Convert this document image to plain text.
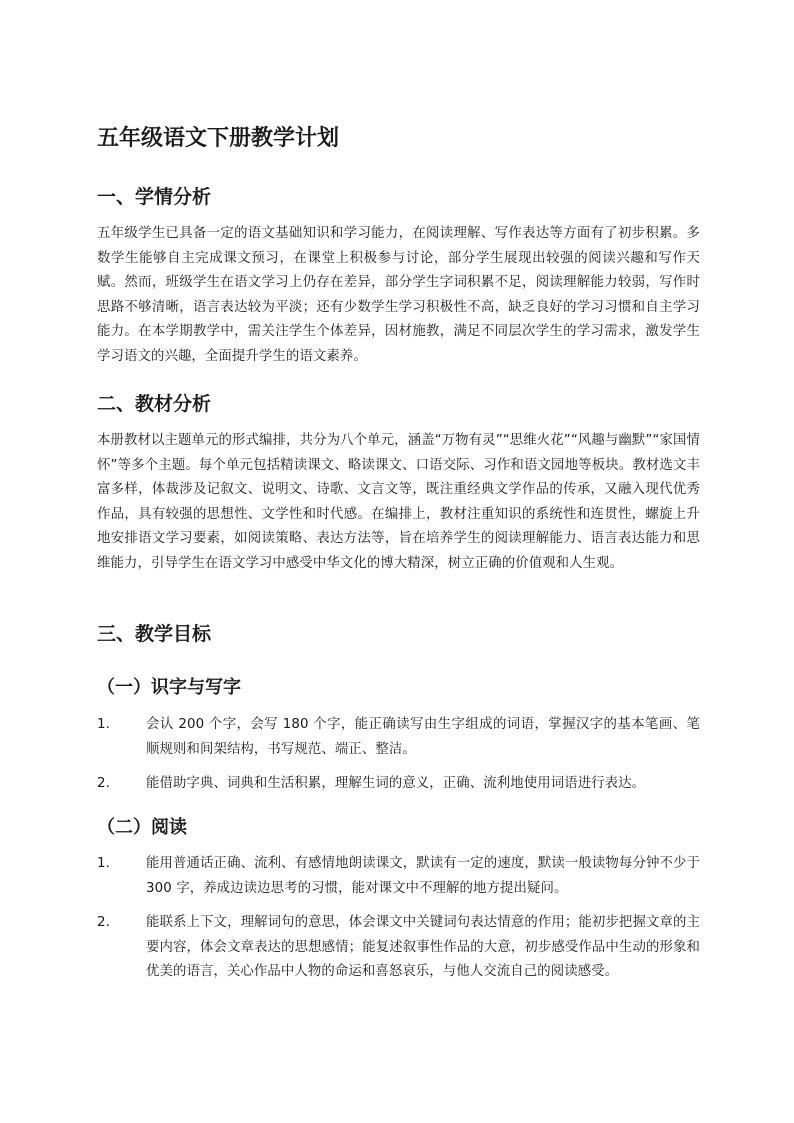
五年级语文下册教学计划
一、学情分析

五年级学生已具备一定的语文基础知识和学习能力，在阅读理解、写作表达等方面有了初步积累。多数学生能够自主完成课文预习，在课堂上积极参与讨论，部分学生展现出较强的阅读兴趣和写作天赋。然而，班级学生在语文学习上仍存在差异，部分学生字词积累不足，阅读理解能力较弱，写作时思路不够清晰，语言表达较为平淡；还有少数学生学习积极性不高，缺乏良好的学习习惯和自主学习能力。在本学期教学中，需关注学生个体差异，因材施教，满足不同层次学生的学习需求，激发学生学习语文的兴趣，全面提升学生的语文素养。

二、教材分析

本册教材以主题单元的形式编排，共分为八个单元，涵盖“万物有灵”“思维火花”“风趣与幽默”“家国情怀”等多个主题。每个单元包括精读课文、略读课文、口语交际、习作和语文园地等板块。教材选文丰富多样，体裁涉及记叙文、说明文、诗歌、文言文等，既注重经典文学作品的传承，又融入现代优秀作品，具有较强的思想性、文学性和时代感。在编排上，教材注重知识的系统性和连贯性，螺旋上升地安排语文学习要素，如阅读策略、表达方法等，旨在培养学生的阅读理解能力、语言表达能力和思维能力，引导学生在语文学习中感受中华文化的博大精深，树立正确的价值观和人生观。

三、教学目标
（一）识字与写字
1.	会认 200 个字，会写 180 个字，能正确读写由生字组成的词语，掌握汉字的基本笔画、笔顺规则和间架结构，书写规范、端正、整洁。
2.	能借助字典、词典和生活积累，理解生词的意义，正确、流利地使用词语进行表达。
（二）阅读
1.	能用普通话正确、流利、有感情地朗读课文，默读有一定的速度，默读一般读物每分钟不少于 300 字，养成边读边思考的习惯，能对课文中不理解的地方提出疑问。
2.	能联系上下文，理解词句的意思，体会课文中关键词句表达情意的作用；能初步把握文章的主要内容，体会文章表达的思想感情；能复述叙事性作品的大意，初步感受作品中生动的形象和优美的语言，关心作品中人物的命运和喜怒哀乐，与他人交流自己的阅读感受。
